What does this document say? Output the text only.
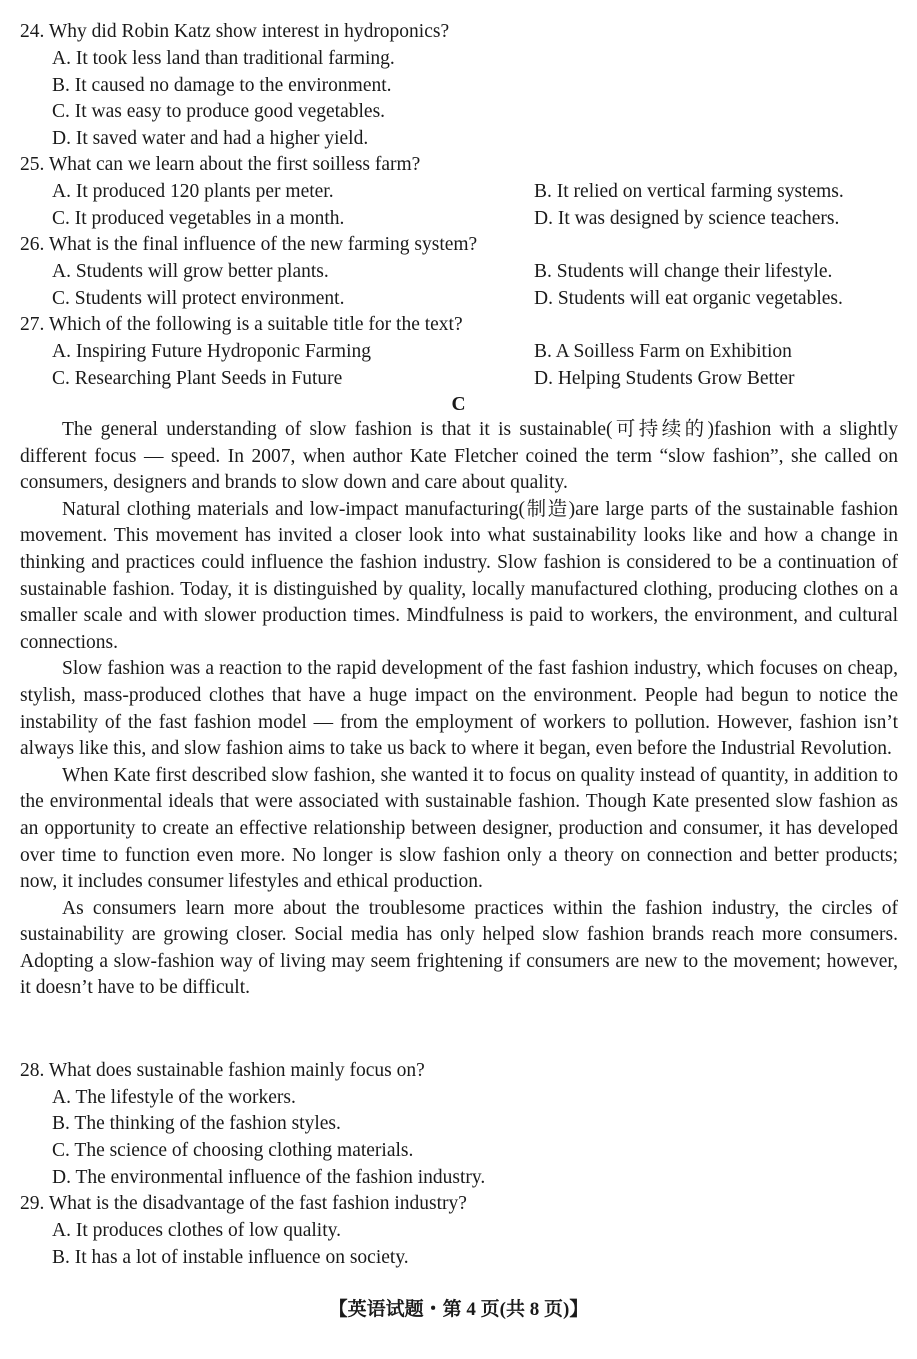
24. Why did Robin Katz show interest in hydroponics?
A. It took less land than traditional farming.
B. It caused no damage to the environment.
C. It was easy to produce good vegetables.
D. It saved water and had a higher yield.
25. What can we learn about the first soilless farm?
A. It produced 120 plants per meter.	B. It relied on vertical farming systems.
C. It produced vegetables in a month.	D. It was designed by science teachers.
26. What is the final influence of the new farming system?
A. Students will grow better plants.	B. Students will change their lifestyle.
C. Students will protect environment.	D. Students will eat organic vegetables.
27. Which of the following is a suitable title for the text?
A. Inspiring Future Hydroponic Farming	B. A Soilless Farm on Exhibition
C. Researching Plant Seeds in Future	D. Helping Students Grow Better
C

The general understanding of slow fashion is that it is sustainable(可持续的)fashion with a slightly different focus — speed. In 2007, when author Kate Fletcher coined the term “slow fashion”, she called on consumers, designers and brands to slow down and care about quality.

Natural clothing materials and low-impact manufacturing(制造)are large parts of the sustainable fashion movement. This movement has invited a closer look into what sustainability looks like and how a change in thinking and practices could influence the fashion industry. Slow fashion is considered to be a continuation of sustainable fashion. Today, it is distinguished by quality, locally manufactured clothing, producing clothes on a smaller scale and with slower production times. Mindfulness is paid to workers, the environment, and cultural connections.

Slow fashion was a reaction to the rapid development of the fast fashion industry, which focuses on cheap, stylish, mass-produced clothes that have a huge impact on the environment. People had begun to notice the instability of the fast fashion model — from the employment of workers to pollution. However, fashion isn’t always like this, and slow fashion aims to take us back to where it began, even before the Industrial Revolution.

When Kate first described slow fashion, she wanted it to focus on quality instead of quantity, in addition to the environmental ideals that were associated with sustainable fashion. Though Kate presented slow fashion as an opportunity to create an effective relationship between designer, production and consumer, it has developed over time to function even more. No longer is slow fashion only a theory on connection and better products; now, it includes consumer lifestyles and ethical production.

As consumers learn more about the troublesome practices within the fashion industry, the circles of sustainability are growing closer. Social media has only helped slow fashion brands reach more consumers. Adopting a slow-fashion way of living may seem frightening if consumers are new to the movement; however, it doesn’t have to be difficult.

28. What does sustainable fashion mainly focus on?
A. The lifestyle of the workers.
B. The thinking of the fashion styles.
C. The science of choosing clothing materials.
D. The environmental influence of the fashion industry.
29. What is the disadvantage of the fast fashion industry?
A. It produces clothes of low quality.
B. It has a lot of instable influence on society.
【英语试题・第 4 页(共 8 页)】
